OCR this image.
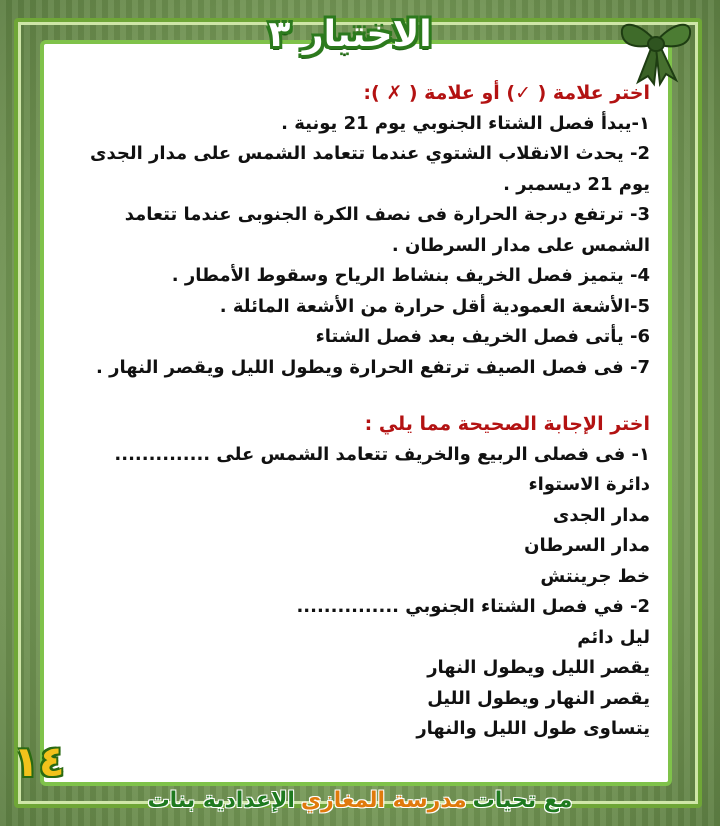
الاختبار ٣
اختر علامة ( ✓) أو علامة ( ✗ ):
١-يبدأ فصل الشتاء الجنوبي يوم 21 يونية .
2- يحدث الانقلاب الشتوي عندما تتعامد الشمس على مدار الجدى
يوم 21 ديسمبر .
3- ترتفع درجة الحرارة فى نصف الكرة الجنوبى عندما تتعامد
الشمس على مدار السرطان .
4- يتميز فصل الخريف بنشاط الرياح وسقوط الأمطار .
5-الأشعة العمودية أقل حرارة من الأشعة المائلة .
6- يأتى فصل الخريف بعد فصل الشتاء
7- فى فصل الصيف ترتفع الحرارة ويطول الليل ويقصر النهار .
اختر الإجابة الصحيحة مما يلي :
١- فى فصلى الربيع والخريف تتعامد الشمس على ..............
دائرة الاستواء
مدار الجدى
مدار السرطان
خط جرينتش
2- في فصل الشتاء الجنوبي ...............
ليل دائم
يقصر الليل ويطول النهار
يقصر النهار ويطول الليل
يتساوى طول الليل والنهار
١٤
مع تحيات
مدرسة المغازي
الإعدادية بنات
